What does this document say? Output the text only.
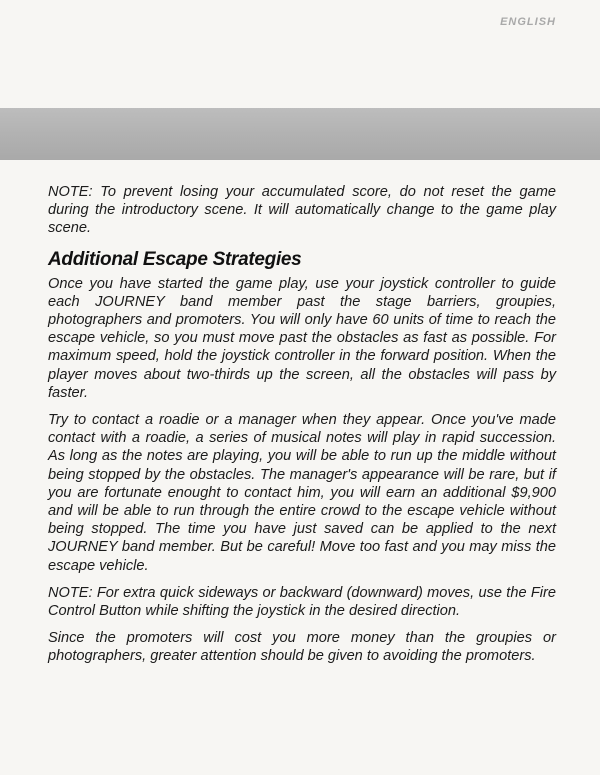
ENGLISH

NOTE: To prevent losing your accumulated score, do not reset the game during the introductory scene. It will automatically change to the game play scene.

Additional Escape Strategies

Once you have started the game play, use your joystick controller to guide each JOURNEY band member past the stage barriers, groupies, photographers and promoters. You will only have 60 units of time to reach the escape vehicle, so you must move past the obstacles as fast as possible. For maximum speed, hold the joystick controller in the forward position. When the player moves about two-thirds up the screen, all the obstacles will pass by faster.

Try to contact a roadie or a manager when they appear. Once you've made contact with a roadie, a series of musical notes will play in rapid succession. As long as the notes are playing, you will be able to run up the middle without being stopped by the obstacles. The manager's appearance will be rare, but if you are fortunate enought to contact him, you will earn an additional $9,900 and will be able to run through the entire crowd to the escape vehicle without being stopped. The time you have just saved can be applied to the next JOURNEY band member. But be careful! Move too fast and you may miss the escape vehicle.

NOTE: For extra quick sideways or backward (downward) moves, use the Fire Control Button while shifting the joystick in the desired direction.

Since the promoters will cost you more money than the groupies or photographers, greater attention should be given to avoiding the promoters.
